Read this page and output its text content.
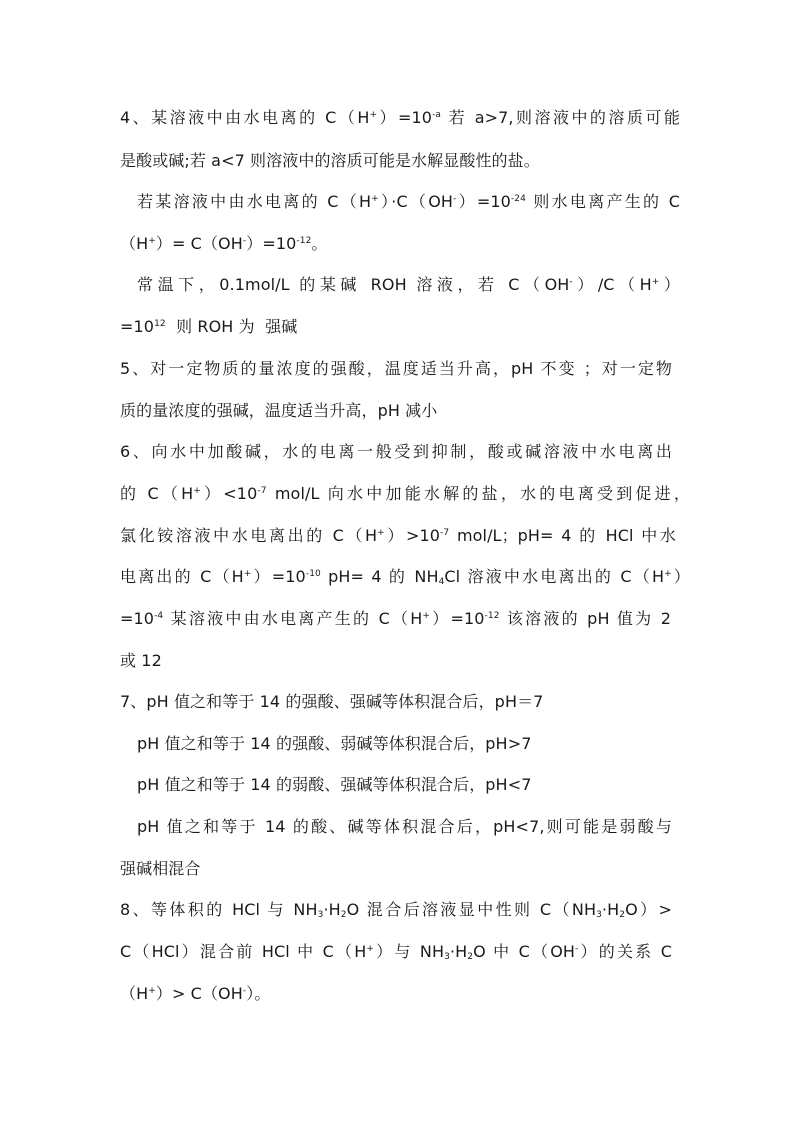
4、某溶液中由水电离的 $C(H^+)=10^{-a}$ 若 a>7,则溶液中的溶质可能
是酸或碱;若 a<7 则溶液中的溶质可能是水解显酸性的盐。
若某溶液中由水电离的 $C(H^+)\cdot C(OH^-)=10^{-24}$ 则水电离产生的 C
$(H^+)= C(OH^-)=10^{-12}$。
常温下，0.1mol/L 的某碱 ROH 溶液，若 C（OH-）/C（H+）
$=10^{12}$  则 ROH 为  强碱
5、对一定物质的量浓度的强酸，温度适当升高，pH 不变 ；对一定物
质的量浓度的强碱，温度适当升高，pH 减小
6、向水中加酸碱，水的电离一般受到抑制，酸或碱溶液中水电离出
的 $C(H^+)<10^{-7}$ mol/L 向水中加能水解的盐，水的电离受到促进，
氯化铵溶液中水电离出的 $C(H^+)>10^{-7}$ mol/L；pH= 4 的 HCl 中水
电离出的 $C(H^+)=10^{-10}$ pH= 4 的 $NH_4Cl$ 溶液中水电离出的 C（H+）
$=10^{-4}$ 某溶液中由水电离产生的 $C(H^+)=10^{-12}$ 该溶液的 pH 值为 2
或 12
7、pH 值之和等于 14 的强酸、强碱等体积混合后，pH＝7
pH 值之和等于 14 的强酸、弱碱等体积混合后，pH>7
pH 值之和等于 14 的弱酸、强碱等体积混合后，pH<7
pH 值之和等于 14 的酸、碱等体积混合后，pH<7,则可能是弱酸与
强碱相混合
8、等体积的 HCl 与 $NH_3\cdot H_2O$ 混合后溶液显中性则 $C(NH_3\cdot H_2O)>$
C（HCl）混合前 HCl 中 C（H+）与 $NH_3\cdot H_2O$ 中 C（OH-）的关系 C
（H+）> C（OH-）。
